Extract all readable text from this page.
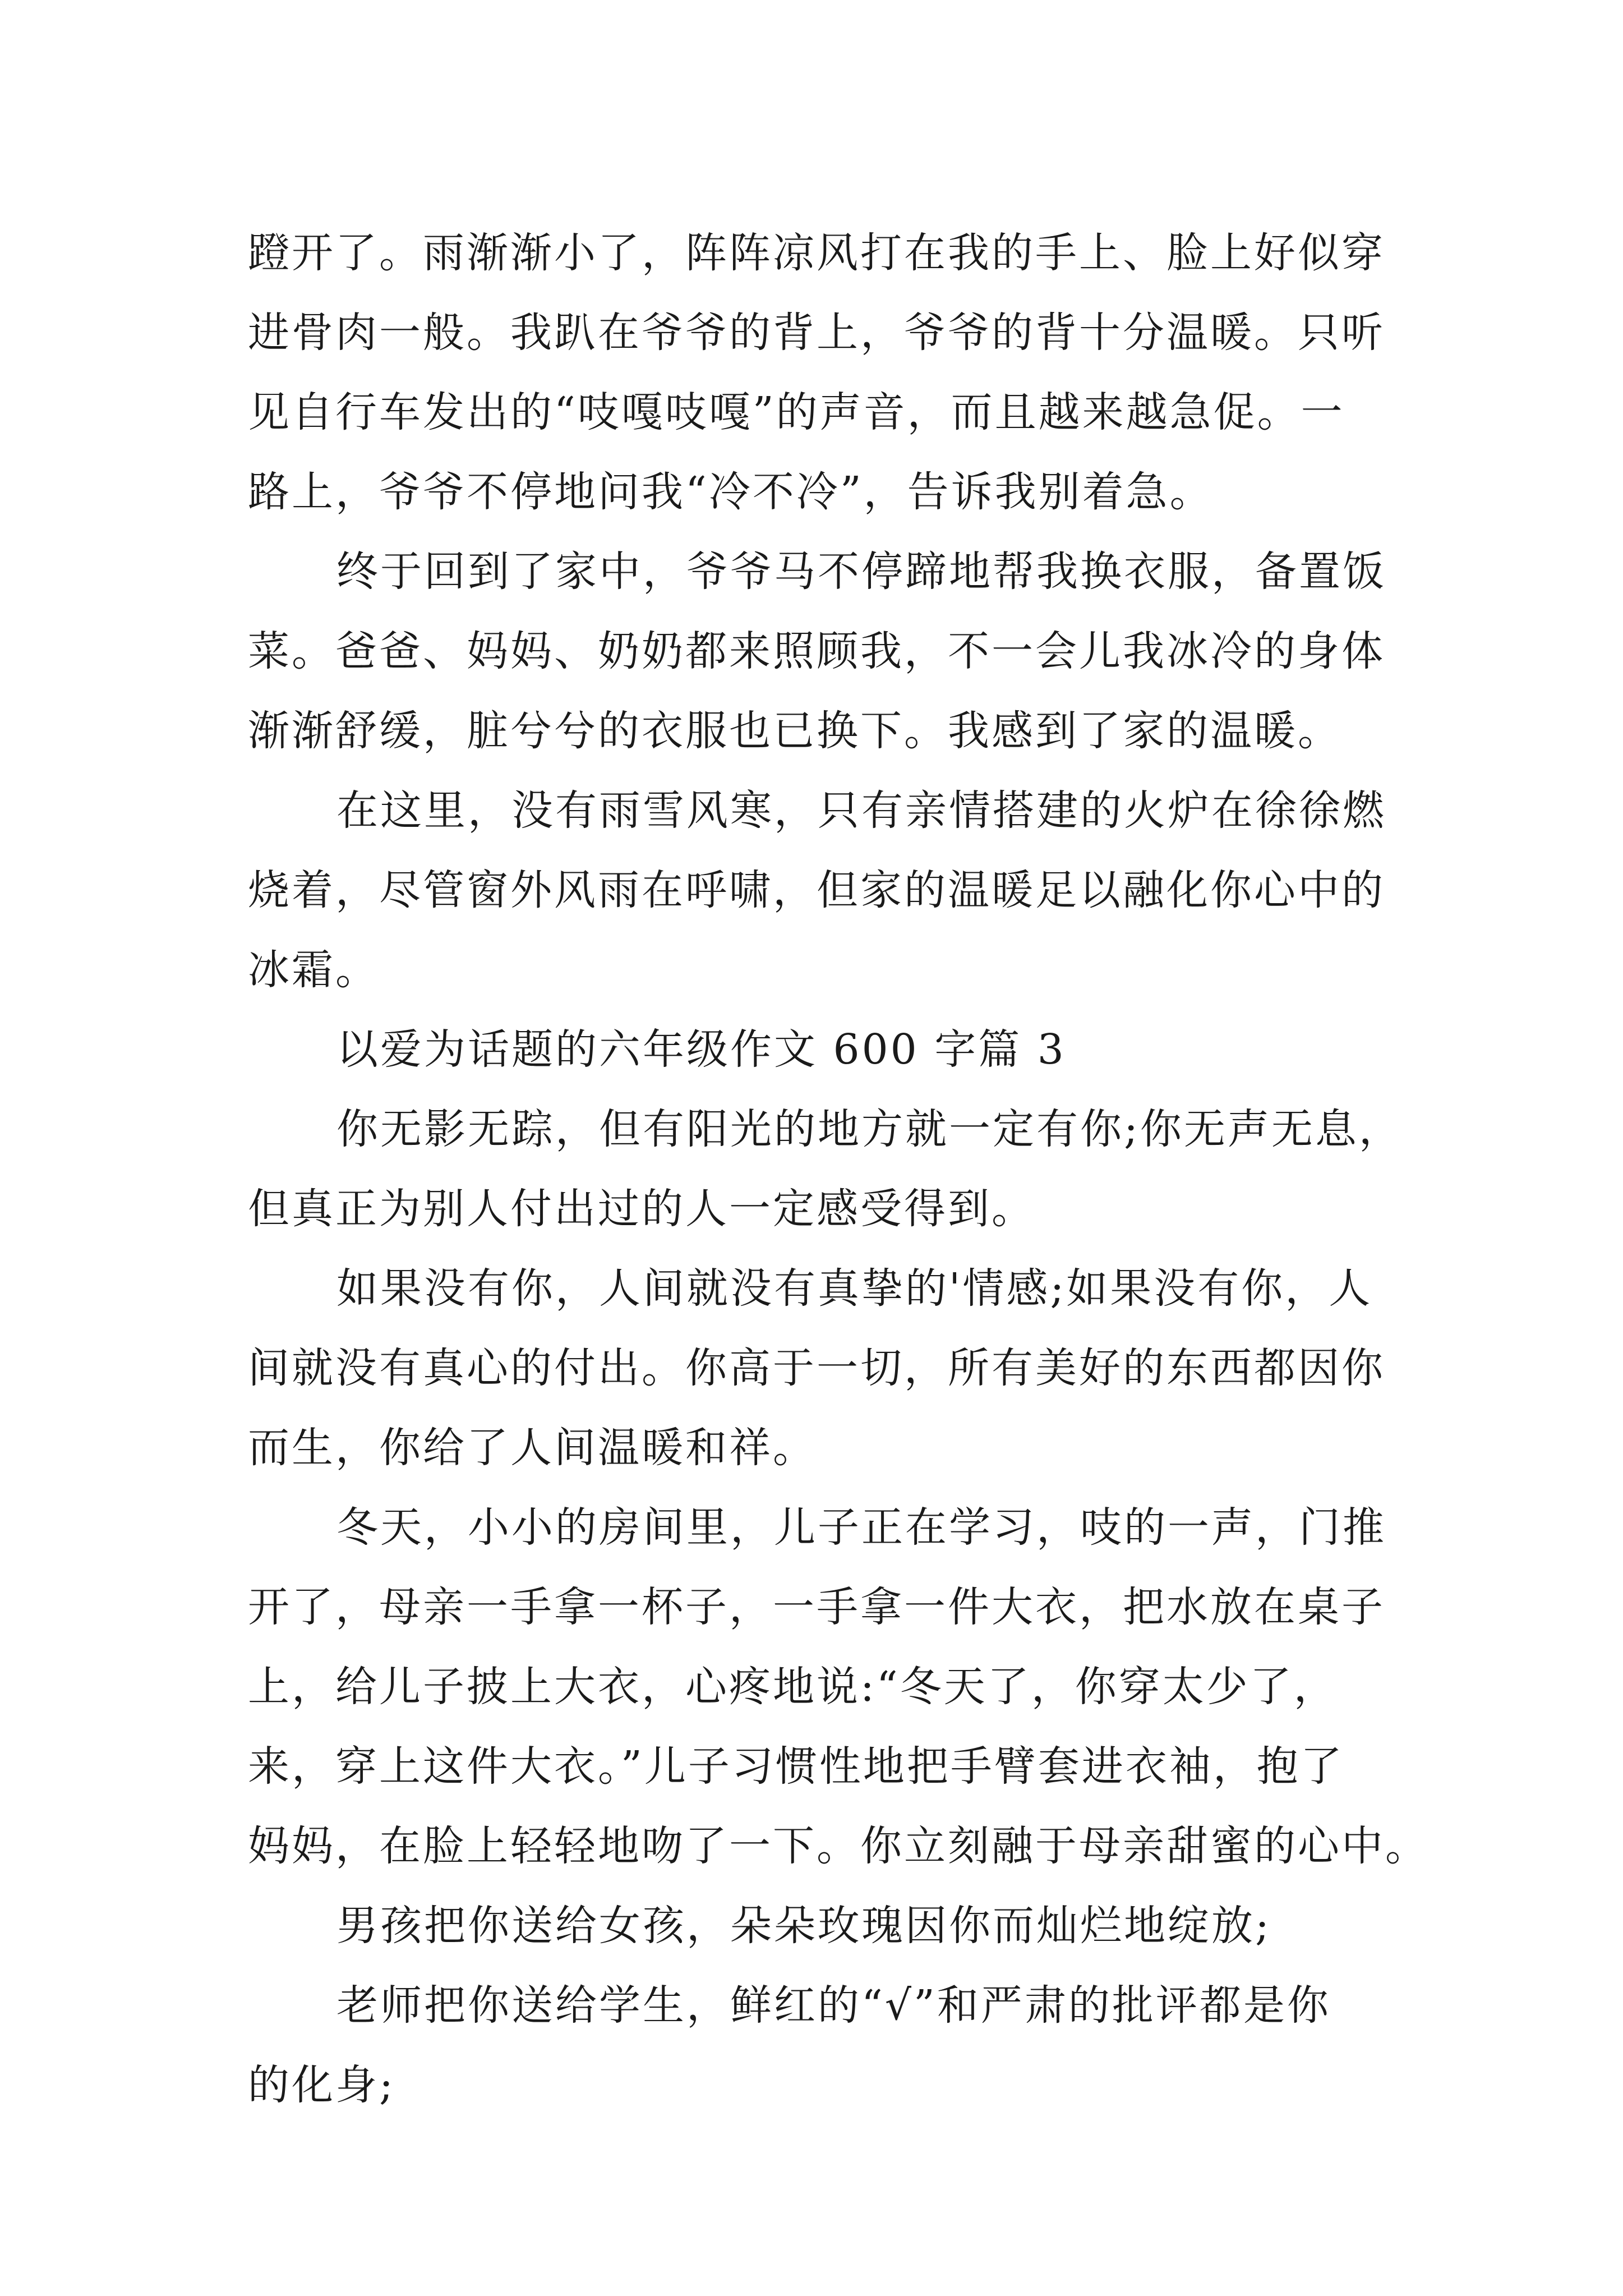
蹬开了。雨渐渐小了，阵阵凉风打在我的手上、脸上好似穿
进骨肉一般。我趴在爷爷的背上，爷爷的背十分温暖。只听
见自行车发出的“吱嘎吱嘎”的声音，而且越来越急促。一
路上，爷爷不停地问我“冷不冷”，告诉我别着急。
终于回到了家中，爷爷马不停蹄地帮我换衣服，备置饭
菜。爸爸、妈妈、奶奶都来照顾我，不一会儿我冰冷的身体
渐渐舒缓，脏兮兮的衣服也已换下。我感到了家的温暖。
在这里，没有雨雪风寒，只有亲情搭建的火炉在徐徐燃
烧着，尽管窗外风雨在呼啸，但家的温暖足以融化你心中的
冰霜。
以爱为话题的六年级作文 600 字篇 3
你无影无踪，但有阳光的地方就一定有你;你无声无息，
但真正为别人付出过的人一定感受得到。
如果没有你，人间就没有真挚的'情感;如果没有你，人
间就没有真心的付出。你高于一切，所有美好的东西都因你
而生，你给了人间温暖和祥。
冬天，小小的房间里，儿子正在学习，吱的一声，门推
开了，母亲一手拿一杯子，一手拿一件大衣，把水放在桌子
上，给儿子披上大衣，心疼地说:“冬天了，你穿太少了，
来，穿上这件大衣。”儿子习惯性地把手臂套进衣袖，抱了
妈妈，在脸上轻轻地吻了一下。你立刻融于母亲甜蜜的心中。
男孩把你送给女孩，朵朵玫瑰因你而灿烂地绽放;
老师把你送给学生，鲜红的“√”和严肃的批评都是你
的化身;
